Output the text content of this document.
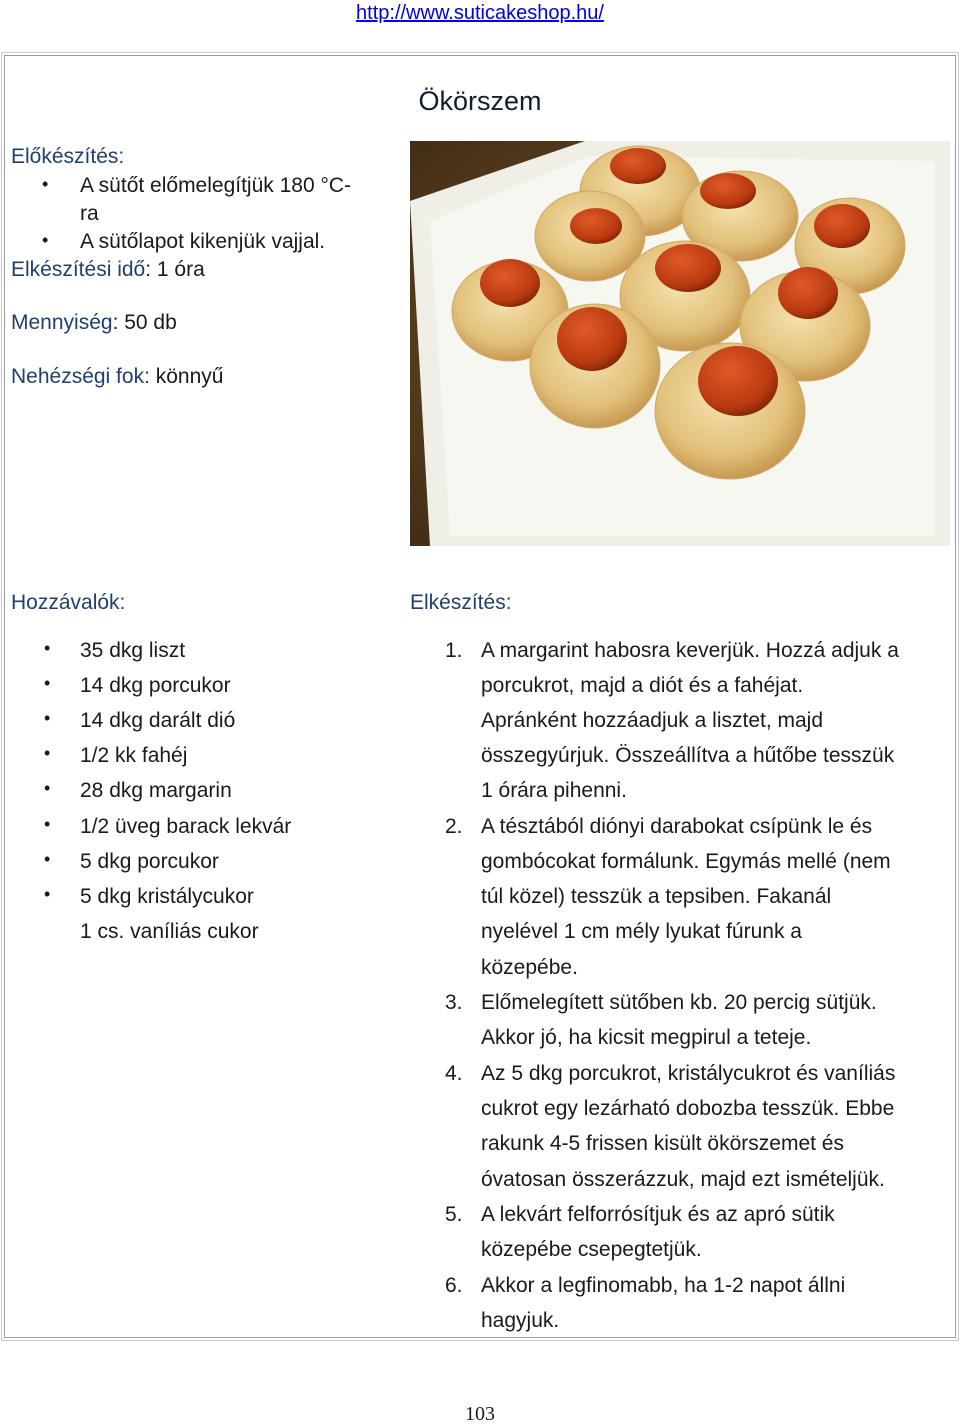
http://www.suticakeshop.hu/
Ökörszem
Előkészítés:
• A sütőt előmelegítjük 180 °C-
ra
• A sütőlapot kikenjük vajjal.
Elkészítési idő: 1 óra
Mennyiség: 50 db
Nehézségi fok: könnyű
Hozzávalók:
• 35 dkg liszt
• 14 dkg porcukor
• 14 dkg darált dió
• 1/2 kk fahéj
• 28 dkg margarin
• 1/2 üveg barack lekvár
• 5 dkg porcukor
• 5 dkg kristálycukor
1 cs. vaníliás cukor
Elkészítés:
1. A margarint habosra keverjük. Hozzá adjuk a
porcukrot, majd a diót és a fahéjat.
Apránként hozzáadjuk a lisztet, majd
összegyúrjuk. Összeállítva a hűtőbe tesszük
1 órára pihenni.
2. A tésztából diónyi darabokat csípünk le és
gombócokat formálunk. Egymás mellé (nem
túl közel) tesszük a tepsiben. Fakanál
nyelével 1 cm mély lyukat fúrunk a
közepébe.
3. Előmelegített sütőben kb. 20 percig sütjük.
Akkor jó, ha kicsit megpirul a teteje.
4. Az 5 dkg porcukrot, kristálycukrot és vaníliás
cukrot egy lezárható dobozba tesszük. Ebbe
rakunk 4-5 frissen kisült ökörszemet és
óvatosan összerázzuk, majd ezt ismételjük.
5. A lekvárt felforrósítjuk és az apró sütik
közepébe csepegtetjük.
6. Akkor a legfinomabb, ha 1-2 napot állni
hagyjuk.
103
